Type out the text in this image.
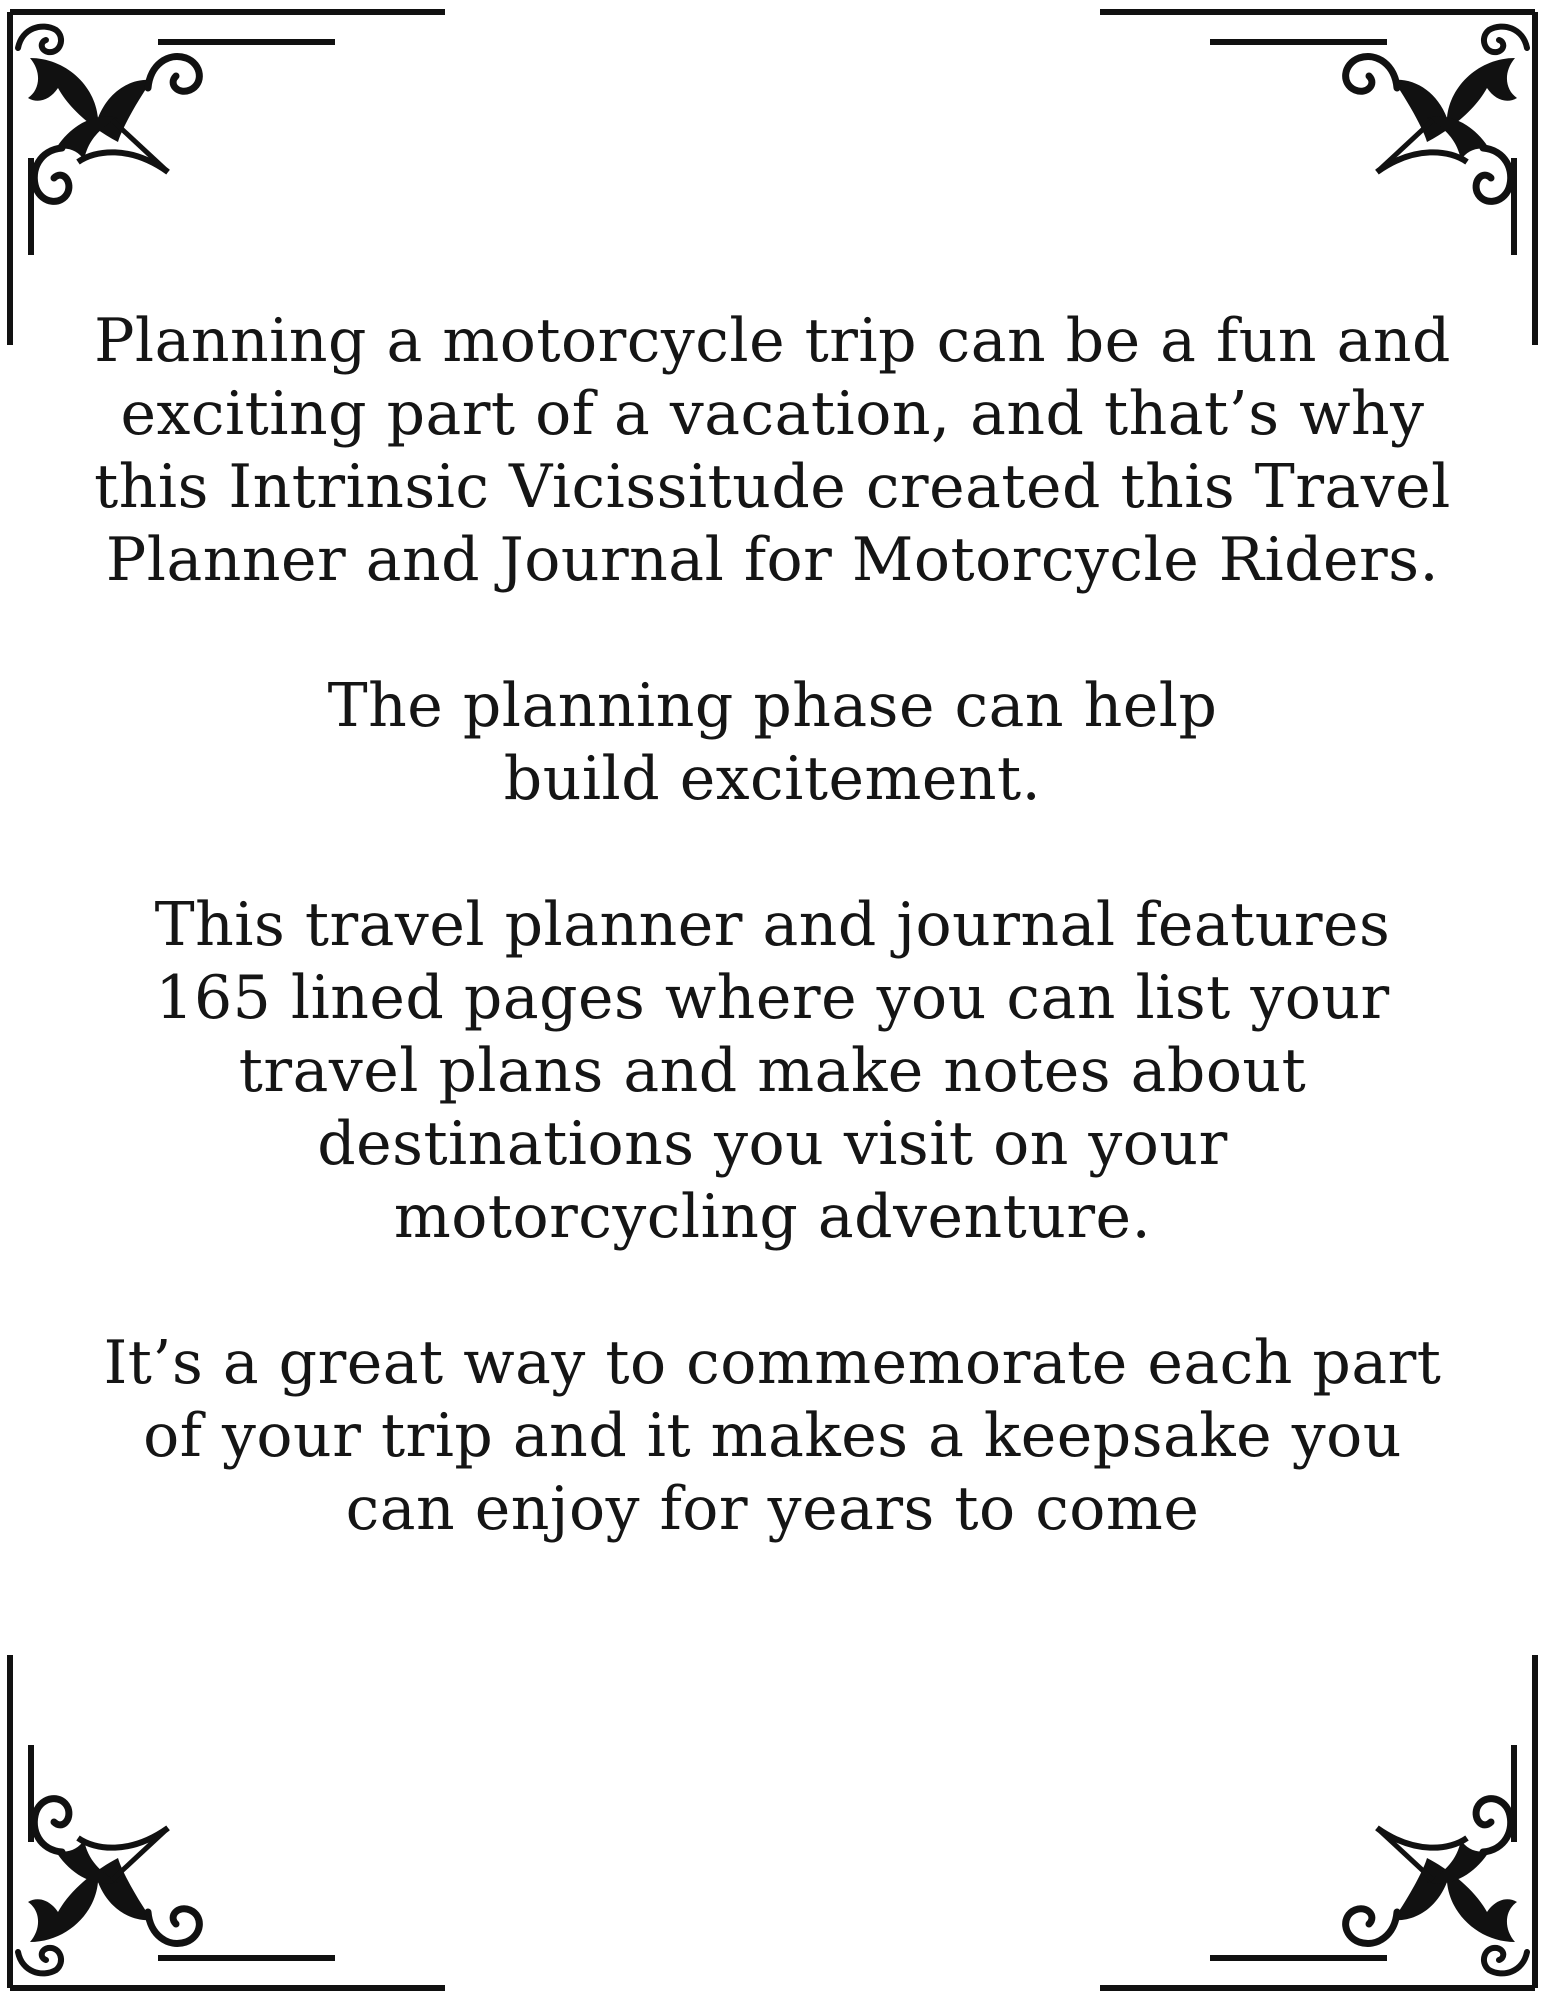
Planning a motorcycle trip can be a fun and exciting part of a vacation, and that’s why this Intrinsic Vicissitude created this Travel Planner and Journal for Motorcycle Riders.

The planning phase can help build excitement.

This travel planner and journal features 165 lined pages where you can list your travel plans and make notes about destinations you visit on your motorcycling adventure.

It’s a great way to commemorate each part of your trip and it makes a keepsake you can enjoy for years to come
